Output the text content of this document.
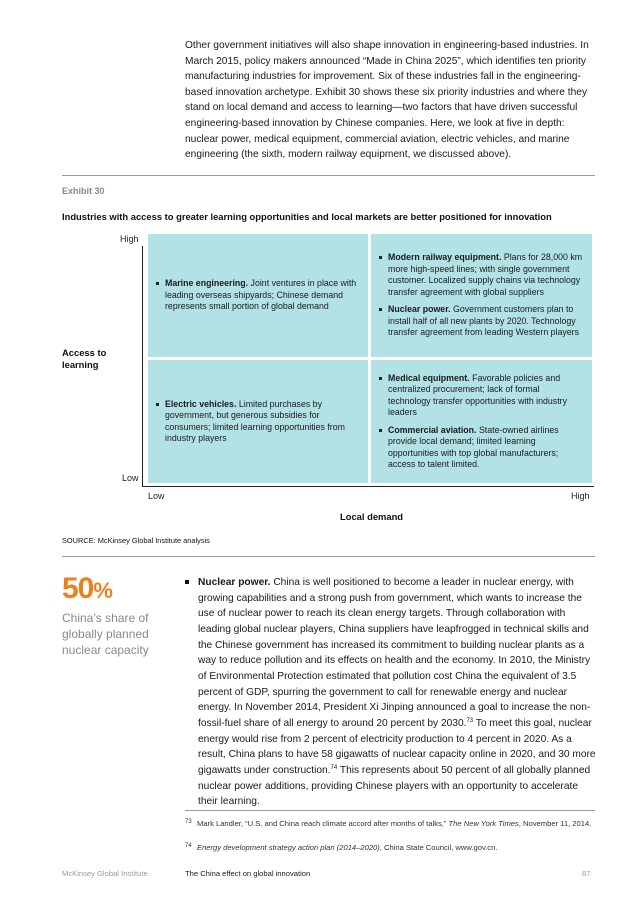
Other government initiatives will also shape innovation in engineering-based industries. In March 2015, policy makers announced “Made in China 2025”, which identifies ten priority manufacturing industries for improvement. Six of these industries fall in the engineering-based innovation archetype. Exhibit 30 shows these six priority industries and where they stand on local demand and access to learning—two factors that have driven successful engineering-based innovation by Chinese companies. Here, we look at five in depth: nuclear power, medical equipment, commercial aviation, electric vehicles, and marine engineering (the sixth, modern railway equipment, we discussed above).
Exhibit 30
Industries with access to greater learning opportunities and local markets are better positioned for innovation
High
Low
Access to
learning
Marine engineering. Joint ventures in place with leading overseas shipyards; Chinese demand represents small portion of global demand
Modern railway equipment. Plans for 28,000 km more high-speed lines; with single government customer. Localized supply chains via technology transfer agreement with global suppliers
Nuclear power. Government customers plan to install half of all new plants by 2020. Technology transfer agreement from leading Western players
Electric vehicles. Limited purchases by government, but generous subsidies for consumers; limited learning opportunities from industry players
Medical equipment. Favorable policies and centralized procurement; lack of formal technology transfer opportunities with industry leaders
Commercial aviation. State-owned airlines provide local demand; limited learning opportunities with top global manufacturers; access to talent limited.
Low	High
Local demand
SOURCE: McKinsey Global Institute analysis
50%
China’s share of globally planned nuclear capacity
Nuclear power. China is well positioned to become a leader in nuclear energy, with growing capabilities and a strong push from government, which wants to increase the use of nuclear power to reach its clean energy targets. Through collaboration with leading global nuclear players, China suppliers have leapfrogged in technical skills and the Chinese government has increased its commitment to building nuclear plants as a way to reduce pollution and its effects on health and the economy. In 2010, the Ministry of Environmental Protection estimated that pollution cost China the equivalent of 3.5 percent of GDP, spurring the government to call for renewable energy and nuclear energy. In November 2014, President Xi Jinping announced a goal to increase the non-fossil-fuel share of all energy to around 20 percent by 2030.73 To meet this goal, nuclear energy would rise from 2 percent of electricity production to 4 percent in 2020. As a result, China plans to have 58 gigawatts of nuclear capacity online in 2020, and 30 more gigawatts under construction.$^{74}$ This represents about 50 percent of all globally planned nuclear power additions, providing Chinese players with an opportunity to accelerate their learning.
73 Mark Landler, “U.S. and China reach climate accord after months of talks,” The New York Times, November 11, 2014.
74 Energy development strategy action plan (2014–2020), China State Council, www.gov.cn.
McKinsey Global Institute	The China effect on global innovation	87
